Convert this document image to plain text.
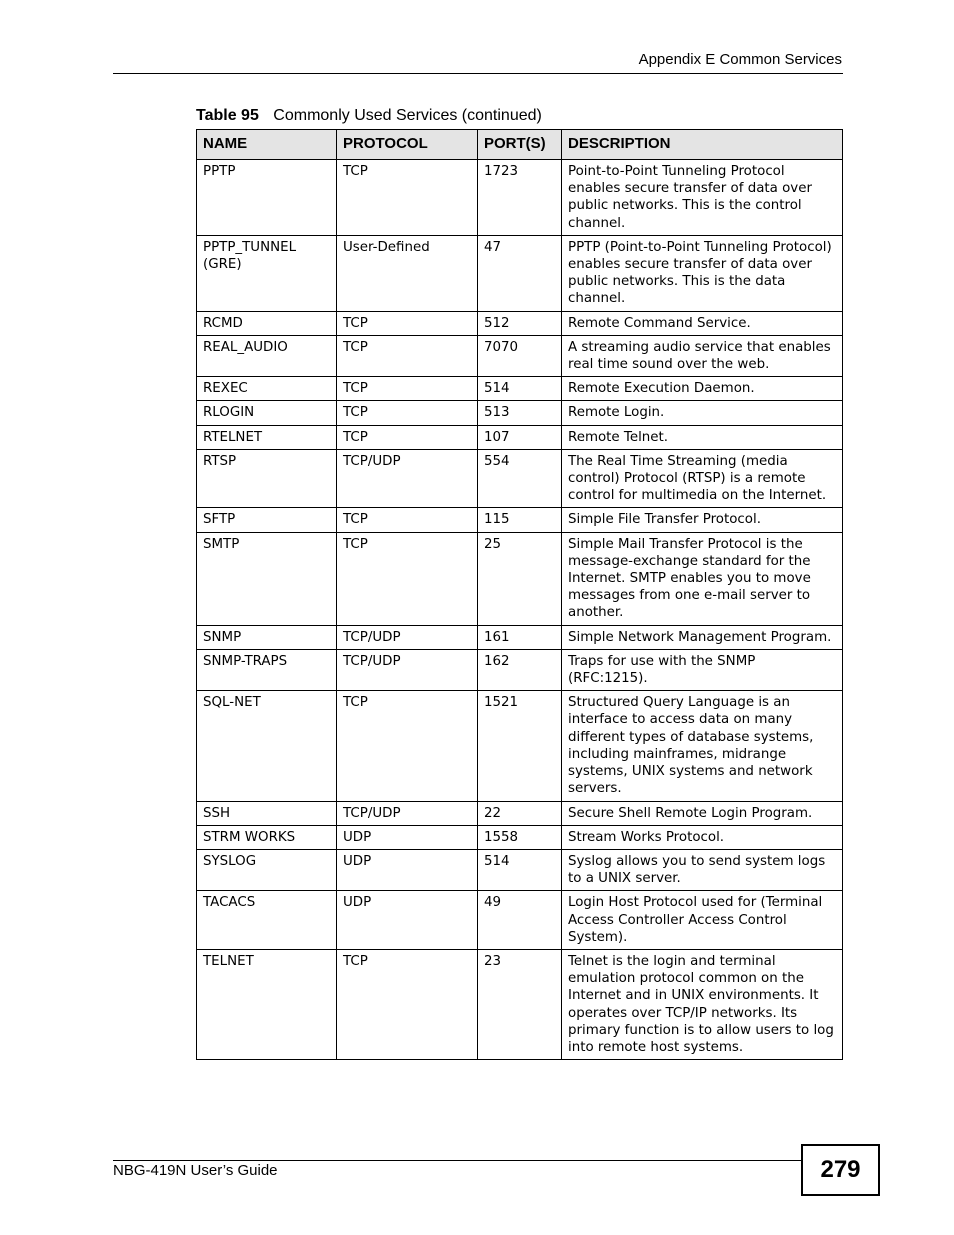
Appendix E Common Services
Table 95 Commonly Used Services (continued)
NAME	PROTOCOL	PORT(S)	DESCRIPTION
PPTP	TCP	1723	Point-to-Point Tunneling Protocol enables secure transfer of data over public networks. This is the control channel.
PPTP_TUNNEL (GRE)	User-Defined	47	PPTP (Point-to-Point Tunneling Protocol) enables secure transfer of data over public networks. This is the data channel.
RCMD	TCP	512	Remote Command Service.
REAL_AUDIO	TCP	7070	A streaming audio service that enables real time sound over the web.
REXEC	TCP	514	Remote Execution Daemon.
RLOGIN	TCP	513	Remote Login.
RTELNET	TCP	107	Remote Telnet.
RTSP	TCP/UDP	554	The Real Time Streaming (media control) Protocol (RTSP) is a remote control for multimedia on the Internet.
SFTP	TCP	115	Simple File Transfer Protocol.
SMTP	TCP	25	Simple Mail Transfer Protocol is the message-exchange standard for the Internet. SMTP enables you to move messages from one e-mail server to another.
SNMP	TCP/UDP	161	Simple Network Management Program.
SNMP-TRAPS	TCP/UDP	162	Traps for use with the SNMP (RFC:1215).
SQL-NET	TCP	1521	Structured Query Language is an interface to access data on many different types of database systems, including mainframes, midrange systems, UNIX systems and network servers.
SSH	TCP/UDP	22	Secure Shell Remote Login Program.
STRM WORKS	UDP	1558	Stream Works Protocol.
SYSLOG	UDP	514	Syslog allows you to send system logs to a UNIX server.
TACACS	UDP	49	Login Host Protocol used for (Terminal Access Controller Access Control System).
TELNET	TCP	23	Telnet is the login and terminal emulation protocol common on the Internet and in UNIX environments. It operates over TCP/IP networks. Its primary function is to allow users to log into remote host systems.
NBG-419N User’s Guide	279
